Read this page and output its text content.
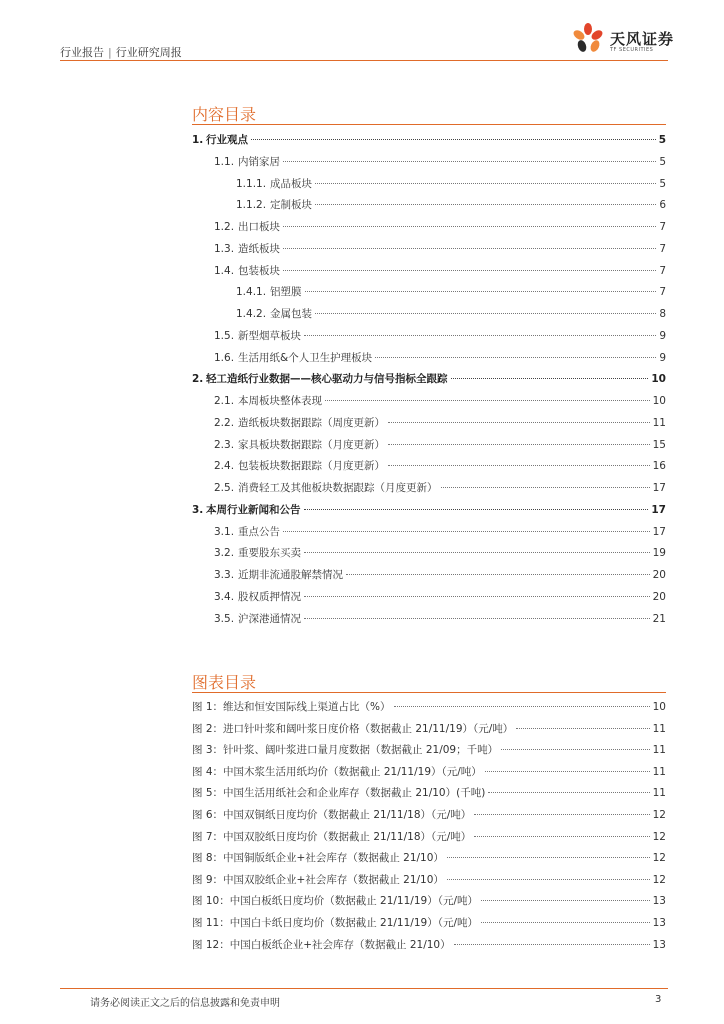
行业报告 | 行业研究周报
天风证券
TF SECURITIES
内容目录
1. 行业观点	5
1.1. 内销家居	5
1.1.1. 成品板块	5
1.1.2. 定制板块	6
1.2. 出口板块	7
1.3. 造纸板块	7
1.4. 包装板块	7
1.4.1. 铝塑膜	7
1.4.2. 金属包装	8
1.5. 新型烟草板块	9
1.6. 生活用纸&个人卫生护理板块	9
2. 轻工造纸行业数据——核心驱动力与信号指标全跟踪	10
2.1. 本周板块整体表现	10
2.2. 造纸板块数据跟踪（周度更新）	11
2.3. 家具板块数据跟踪（月度更新）	15
2.4. 包装板块数据跟踪（月度更新）	16
2.5. 消费轻工及其他板块数据跟踪（月度更新）	17
3. 本周行业新闻和公告	17
3.1. 重点公告	17
3.2. 重要股东买卖	19
3.3. 近期非流通股解禁情况	20
3.4. 股权质押情况	20
3.5. 沪深港通情况	21
图表目录
图 1：维达和恒安国际线上渠道占比（%）	10
图 2：进口针叶浆和阔叶浆日度价格（数据截止 21/11/19）（元/吨）	11
图 3：针叶浆、阔叶浆进口量月度数据（数据截止 21/09；千吨）	11
图 4：中国木浆生活用纸均价（数据截止 21/11/19）（元/吨）	11
图 5：中国生活用纸社会和企业库存（数据截止 21/10）(千吨)	11
图 6：中国双铜纸日度均价（数据截止 21/11/18）（元/吨）	12
图 7：中国双胶纸日度均价（数据截止 21/11/18）（元/吨）	12
图 8：中国铜版纸企业+社会库存（数据截止 21/10）	12
图 9：中国双胶纸企业+社会库存（数据截止 21/10）	12
图 10：中国白板纸日度均价（数据截止 21/11/19）（元/吨）	13
图 11：中国白卡纸日度均价（数据截止 21/11/19）（元/吨）	13
图 12：中国白板纸企业+社会库存（数据截止 21/10）	13
请务必阅读正文之后的信息披露和免责申明	3
